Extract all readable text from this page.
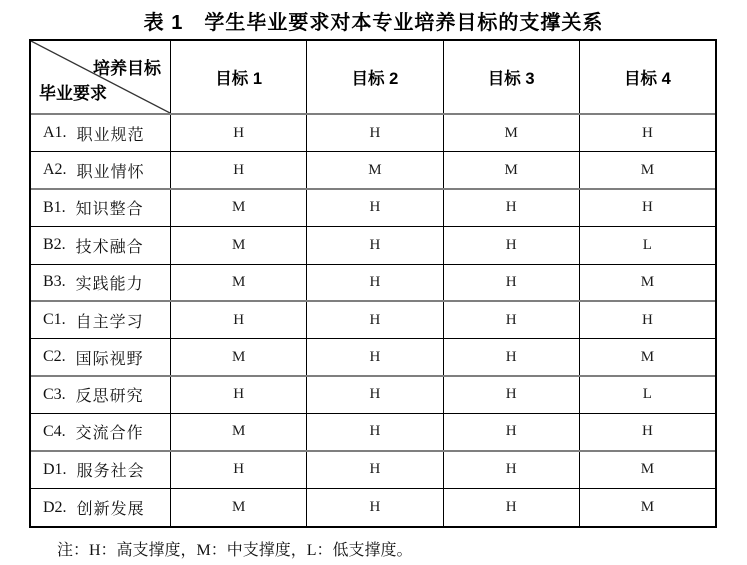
表 1　学生毕业要求对本专业培养目标的支撑关系
培养目标
毕业要求
目标 1	目标 2	目标 3	目标 4
A1. 职业规范	H	H	M	H
A2. 职业情怀	H	M	M	M
B1. 知识整合	M	H	H	H
B2. 技术融合	M	H	H	L
B3. 实践能力	M	H	H	M
C1. 自主学习	H	H	H	H
C2. 国际视野	M	H	H	M
C3. 反思研究	H	H	H	L
C4. 交流合作	M	H	H	H
D1. 服务社会	H	H	H	M
D2. 创新发展	M	H	H	M
注：H：高支撑度，M：中支撑度，L：低支撑度。
